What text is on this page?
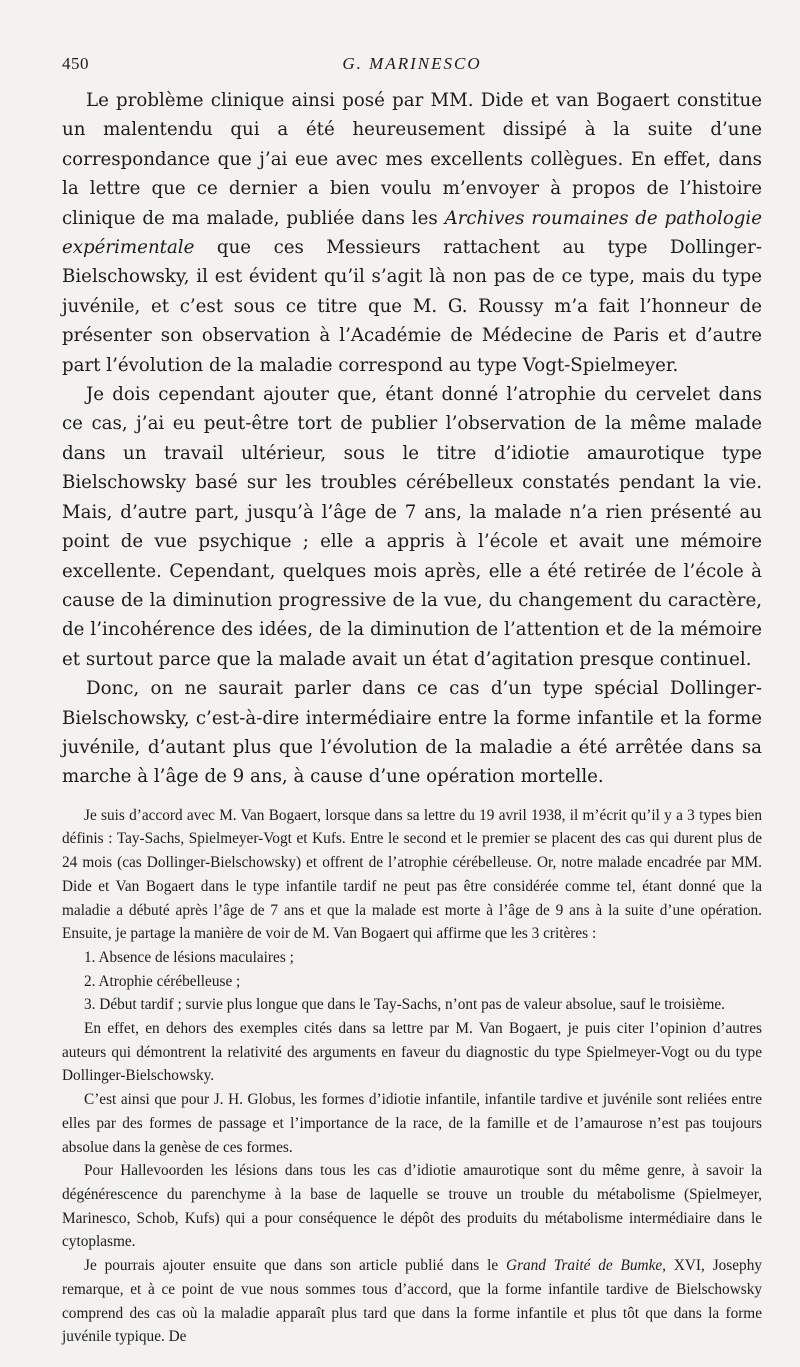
450	G. MARINESCO

Le problème clinique ainsi posé par MM. Dide et van Bogaert constitue un malentendu qui a été heureusement dissipé à la suite d’une correspondance que j’ai eue avec mes excellents collègues. En effet, dans la lettre que ce dernier a bien voulu m’envoyer à propos de l’histoire clinique de ma malade, publiée dans les Archives roumaines de pathologie expérimentale que ces Messieurs rattachent au type Dollinger-Bielschowsky, il est évident qu’il s’agit là non pas de ce type, mais du type juvénile, et c’est sous ce titre que M. G. Roussy m’a fait l’honneur de présenter son observation à l’Académie de Médecine de Paris et d’autre part l’évolution de la maladie correspond au type Vogt-Spielmeyer.

Je dois cependant ajouter que, étant donné l’atrophie du cervelet dans ce cas, j’ai eu peut-être tort de publier l’observation de la même malade dans un travail ultérieur, sous le titre d’idiotie amaurotique type Bielschowsky basé sur les troubles cérébelleux constatés pendant la vie. Mais, d’autre part, jusqu’à l’âge de 7 ans, la malade n’a rien présenté au point de vue psychique ; elle a appris à l’école et avait une mémoire excellente. Cependant, quelques mois après, elle a été retirée de l’école à cause de la diminution progressive de la vue, du changement du caractère, de l’incohérence des idées, de la diminution de l’attention et de la mémoire et surtout parce que la malade avait un état d’agitation presque continuel.

Donc, on ne saurait parler dans ce cas d’un type spécial Dollinger-Bielschowsky, c’est-à-dire intermédiaire entre la forme infantile et la forme juvénile, d’autant plus que l’évolution de la maladie a été arrêtée dans sa marche à l’âge de 9 ans, à cause d’une opération mortelle.

Je suis d’accord avec M. Van Bogaert, lorsque dans sa lettre du 19 avril 1938, il m’écrit qu’il y a 3 types bien définis : Tay-Sachs, Spielmeyer-Vogt et Kufs. Entre le second et le premier se placent des cas qui durent plus de 24 mois (cas Dollinger-Bielschowsky) et offrent de l’atrophie cérébelleuse. Or, notre malade encadrée par MM. Dide et Van Bogaert dans le type infantile tardif ne peut pas être considérée comme tel, étant donné que la maladie a débuté après l’âge de 7 ans et que la malade est morte à l’âge de 9 ans à la suite d’une opération. Ensuite, je partage la manière de voir de M. Van Bogaert qui affirme que les 3 critères :

1. Absence de lésions maculaires ;

2. Atrophie cérébelleuse ;

3. Début tardif ; survie plus longue que dans le Tay-Sachs, n’ont pas de valeur absolue, sauf le troisième.

En effet, en dehors des exemples cités dans sa lettre par M. Van Bogaert, je puis citer l’opinion d’autres auteurs qui démontrent la relativité des arguments en faveur du diagnostic du type Spielmeyer-Vogt ou du type Dollinger-Bielschowsky.

C’est ainsi que pour J. H. Globus, les formes d’idiotie infantile, infantile tardive et juvénile sont reliées entre elles par des formes de passage et l’importance de la race, de la famille et de l’amaurose n’est pas toujours absolue dans la genèse de ces formes.

Pour Hallevoorden les lésions dans tous les cas d’idiotie amaurotique sont du même genre, à savoir la dégénérescence du parenchyme à la base de laquelle se trouve un trouble du métabolisme (Spielmeyer, Marinesco, Schob, Kufs) qui a pour conséquence le dépôt des produits du métabolisme intermédiaire dans le cytoplasme.

Je pourrais ajouter ensuite que dans son article publié dans le Grand Traité de Bumke, XVI, Josephy remarque, et à ce point de vue nous sommes tous d’accord, que la forme infantile tardive de Bielschowsky comprend des cas où la maladie apparaît plus tard que dans la forme infantile et plus tôt que dans la forme juvénile typique. De
